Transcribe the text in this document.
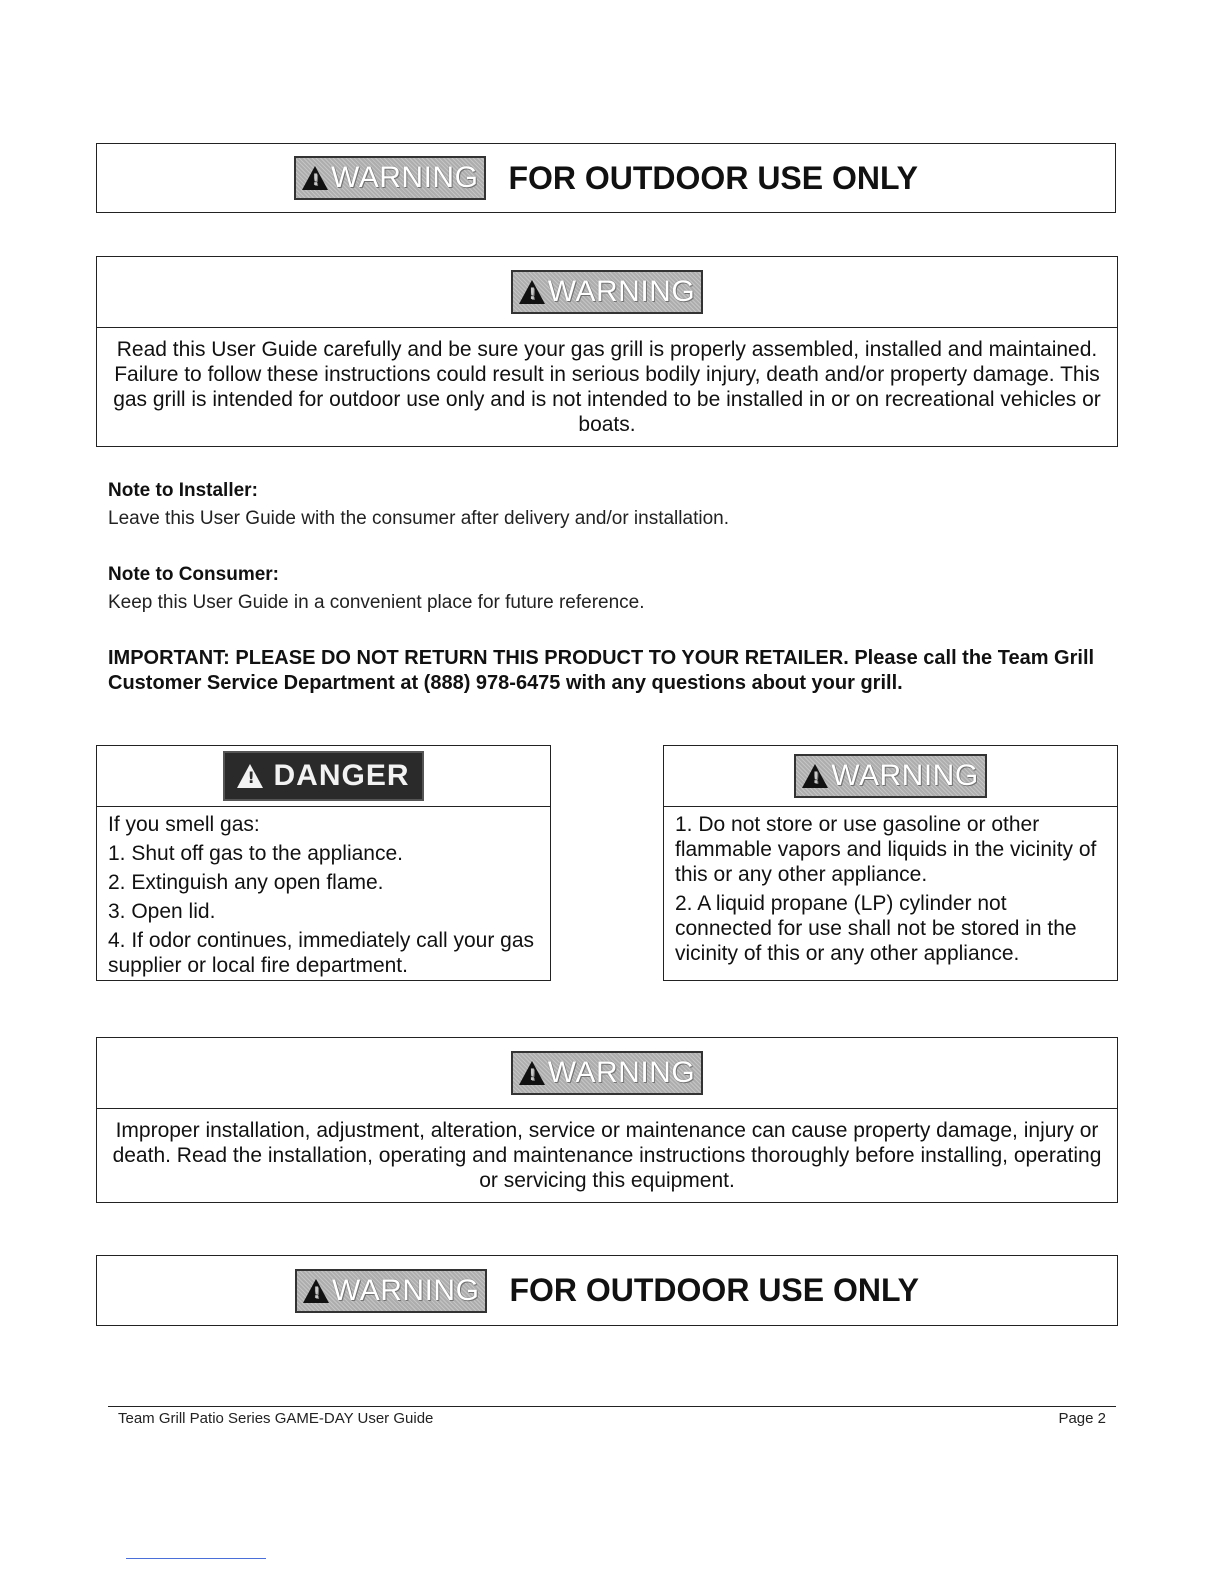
!
WARNING FOR OUTDOOR USE ONLY
!
WARNING
Read this User Guide carefully and be sure your gas grill is properly assembled, installed and maintained. Failure to follow these instructions could result in serious bodily injury, death and/or property damage. This gas grill is intended for outdoor use only and is not intended to be installed in or on recreational vehicles or boats.
Note to Installer:
Leave this User Guide with the consumer after delivery and/or installation.
Note to Consumer:
Keep this User Guide in a convenient place for future reference.
IMPORTANT: PLEASE DO NOT RETURN THIS PRODUCT TO YOUR RETAILER. Please call the Team Grill
Customer Service Department at (888) 978-6475 with any questions about your grill.
!
DANGER
If you smell gas:
1. Shut off gas to the appliance.
2. Extinguish any open flame.
3. Open lid.
4. If odor continues, immediately call your gas supplier or local fire department.
!
WARNING
1. Do not store or use gasoline or other flammable vapors and liquids in the vicinity of this or any other appliance.
2. A liquid propane (LP) cylinder not connected for use shall not be stored in the vicinity of this or any other appliance.
!
WARNING
Improper installation, adjustment, alteration, service or maintenance can cause property damage, injury or death. Read the installation, operating and maintenance instructions thoroughly before installing, operating or servicing this equipment.
!
WARNING FOR OUTDOOR USE ONLY
Team Grill Patio Series GAME-DAY User Guide	Page 2
